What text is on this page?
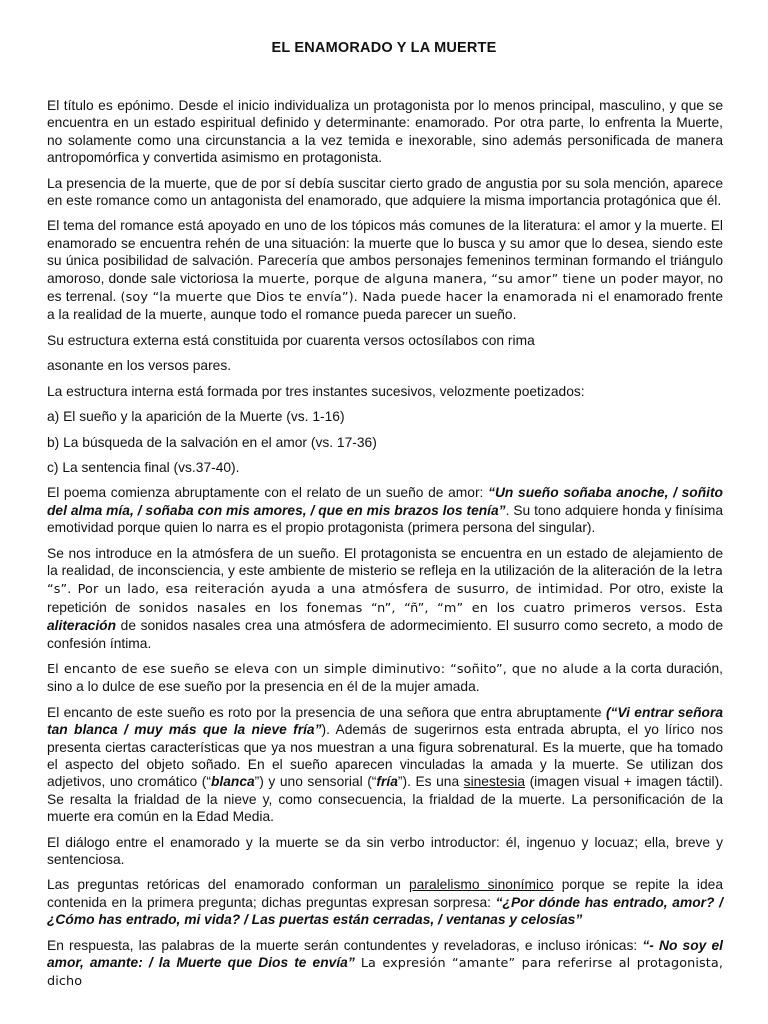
EL ENAMORADO Y LA MUERTE

El título es epónimo. Desde el inicio individualiza un protagonista por lo menos principal, masculino, y que se encuentra en un estado espiritual definido y determinante: enamorado. Por otra parte, lo enfrenta la Muerte, no solamente como una circunstancia a la vez temida e inexorable, sino además personificada de manera antropomórfica y convertida asimismo en protagonista.

La presencia de la muerte, que de por sí debía suscitar cierto grado de angustia por su sola mención, aparece en este romance como un antagonista del enamorado, que adquiere la misma importancia protagónica que él.

El tema del romance está apoyado en uno de los tópicos más comunes de la literatura: el amor y la muerte. El enamorado se encuentra rehén de una situación: la muerte que lo busca y su amor que lo desea, siendo este su única posibilidad de salvación. Parecería que ambos personajes femeninos terminan formando el triángulo amoroso, donde sale victoriosa la muerte, porque de alguna manera, “su amor” tiene un poder mayor, no es terrenal. (soy “la muerte que Dios te envía”). Nada puede hacer la enamorada ni el enamorado frente a la realidad de la muerte, aunque todo el romance pueda parecer un sueño.

Su estructura externa está constituida por cuarenta versos octosílabos con rima

asonante en los versos pares.

La estructura interna está formada por tres instantes sucesivos, velozmente poetizados:

a) El sueño y la aparición de la Muerte (vs. 1-16)

b) La búsqueda de la salvación en el amor (vs. 17-36)

c) La sentencia final (vs.37-40).

El poema comienza abruptamente con el relato de un sueño de amor: “Un sueño soñaba anoche, / soñito del alma mía, / soñaba con mis amores, / que en mis brazos los tenía”. Su tono adquiere honda y finísima emotividad porque quien lo narra es el propio protagonista (primera persona del singular).

Se nos introduce en la atmósfera de un sueño. El protagonista se encuentra en un estado de alejamiento de la realidad, de inconsciencia, y este ambiente de misterio se refleja en la utilización de la aliteración de la letra “s”. Por un lado, esa reiteración ayuda a una atmósfera de susurro, de intimidad. Por otro, existe la repetición de sonidos nasales en los fonemas “n”, “ñ”, “m” en los cuatro primeros versos. Esta aliteración de sonidos nasales crea una atmósfera de adormecimiento. El susurro como secreto, a modo de confesión íntima.

El encanto de ese sueño se eleva con un simple diminutivo: “soñito”, que no alude a la corta duración, sino a lo dulce de ese sueño por la presencia en él de la mujer amada.

El encanto de este sueño es roto por la presencia de una señora que entra abruptamente (“Vi entrar señora tan blanca / muy más que la nieve fría”). Además de sugerirnos esta entrada abrupta, el yo lírico nos presenta ciertas características que ya nos muestran a una figura sobrenatural. Es la muerte, que ha tomado el aspecto del objeto soñado. En el sueño aparecen vinculadas la amada y la muerte. Se utilizan dos adjetivos, uno cromático (“blanca”) y uno sensorial (“fría”). Es una sinestesia (imagen visual + imagen táctil). Se resalta la frialdad de la nieve y, como consecuencia, la frialdad de la muerte. La personificación de la muerte era común en la Edad Media.

El diálogo entre el enamorado y la muerte se da sin verbo introductor: él, ingenuo y locuaz; ella, breve y sentenciosa.

Las preguntas retóricas del enamorado conforman un paralelismo sinonímico porque se repite la idea contenida en la primera pregunta; dichas preguntas expresan sorpresa: “¿Por dónde has entrado, amor? / ¿Cómo has entrado, mi vida? / Las puertas están cerradas, / ventanas y celosías”

En respuesta, las palabras de la muerte serán contundentes y reveladoras, e incluso irónicas: “- No soy el amor, amante: / la Muerte que Dios te envía” La expresión “amante” para referirse al protagonista, dicho
